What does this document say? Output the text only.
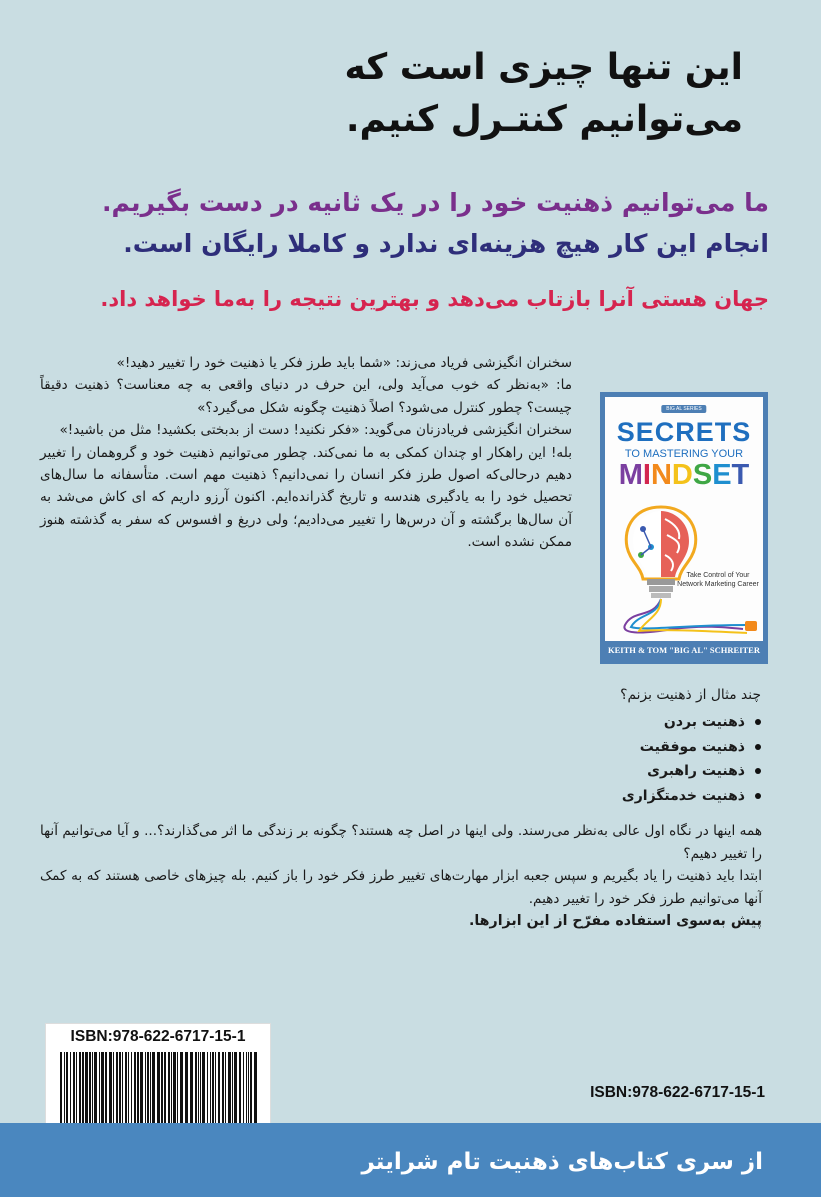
این تنها چیزی است که
می‌توانیم کنتـرل کنیم.
ما می‌توانیم ذهنیت خود را در یک ثانیه در دست بگیریم.
انجام این کار هیچ هزینه‌ای ندارد و کاملا رایگان است.
جهان هستی آنرا بازتاب می‌دهد و بهترین نتیجه را به‌ما خواهد داد.

سخنران انگیزشی فریاد می‌زند: «شما باید طرز فکر یا ذهنیت خود را تغییر دهید!»

ما: «به‌نظر که خوب می‌آید ولی، این حرف در دنیای واقعی به چه معناست؟ ذهنیت دقیقاً چیست؟ چطور کنترل می‌شود؟ اصلاً ذهنیت چگونه شکل می‌گیرد؟»

سخنران انگیزشی فریادزنان می‌گوید: «فکر نکنید! دست از بدبختی بکشید! مثل من باشید!»

بله! این راهکار او چندان کمکی به ما نمی‌کند. چطور می‌توانیم ذهنیت خود و گروهمان را تغییر دهیم درحالی‌که اصول طرز فکر انسان را نمی‌دانیم؟ ذهنیت مهم است. متأسفانه ما سال‌های تحصیل خود را به یادگیری هندسه و تاریخ گذرانده‌ایم. اکنون آرزو داریم که ای کاش می‌شد به آن سال‌ها برگشته و آن درس‌ها را تغییر می‌دادیم؛ ولی دریغ و افسوس که سفر به گذشته هنوز ممکن نشده است.

BIG AL SERIES
SECRETS
TO MASTERING YOUR
MINDSET
Take Control of Your Network Marketing Career
KEITH & TOM "BIG AL" SCHREITER
چند مثال از ذهنیت بزنم؟
ذهنیت بردن
ذهنیت موفقیت
ذهنیت راهبری
ذهنیت خدمتگزاری

همه اینها در نگاه اول عالی به‌نظر می‌رسند. ولی اینها در اصل چه هستند؟ چگونه بر زندگی ما اثر می‌گذارند؟... و آیا می‌توانیم آنها را تغییر دهیم؟

ابتدا باید ذهنیت را یاد بگیریم و سپس جعبه ابزار مهارت‌های تغییر طرز فکر خود را باز کنیم. بله چیزهای خاصی هستند که به کمک آنها می‌توانیم طرز فکر خود را تغییر دهیم.

پیش به‌سوی استفاده مفرّح از این ابزارها.

ISBN:978-622-6717-15-1
ISBN:978-622-6717-15-1
از سری کتاب‌های ذهنیت تام شرایتر
